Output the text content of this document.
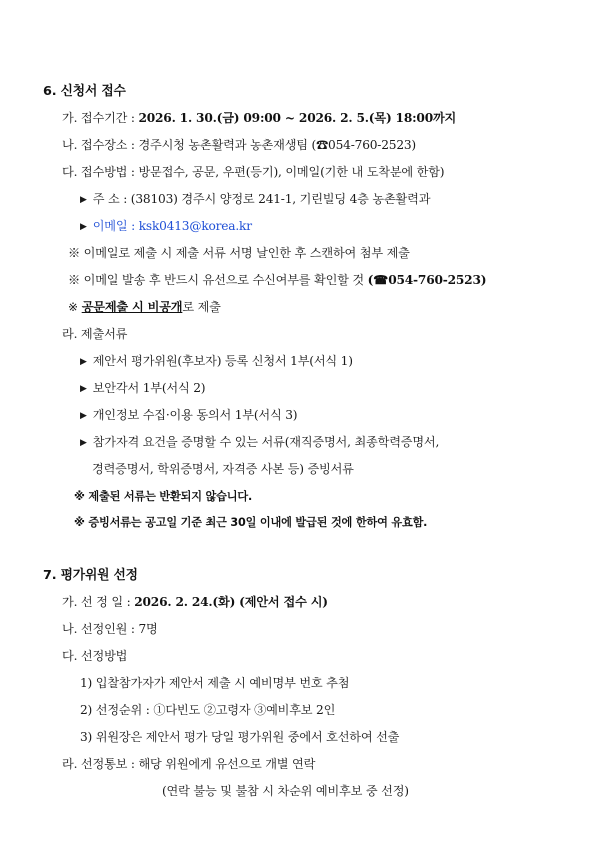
6. 신청서 접수
가. 접수기간 : 2026. 1. 30.(금) 09:00 ~ 2026. 2. 5.(목) 18:00까지
나. 접수장소 : 경주시청 농촌활력과 농촌재생팀 (☎054-760-2523)
다. 접수방법 : 방문접수, 공문, 우편(등기), 이메일(기한 내 도착분에 한함)
▶ 주 소 : (38103) 경주시 양정로 241-1, 기린빌딩 4층 농촌활력과
▶ 이메일 : ksk0413@korea.kr
※ 이메일로 제출 시 제출 서류 서명 날인한 후 스캔하여 첨부 제출
※ 이메일 발송 후 반드시 유선으로 수신여부를 확인할 것 (☎054-760-2523)
※ 공문제출 시 비공개로 제출
라. 제출서류
▶ 제안서 평가위원(후보자) 등록 신청서 1부(서식 1)
▶ 보안각서 1부(서식 2)
▶ 개인정보 수집·이용 동의서 1부(서식 3)
▶ 참가자격 요건을 증명할 수 있는 서류(재직증명서, 최종학력증명서,
경력증명서, 학위증명서, 자격증 사본 등) 증빙서류
※ 제출된 서류는 반환되지 않습니다.
※ 증빙서류는 공고일 기준 최근 30일 이내에 발급된 것에 한하여 유효함.
7. 평가위원 선정
가. 선 정 일 : 2026. 2. 24.(화) (제안서 접수 시)
나. 선정인원 : 7명
다. 선정방법
1) 입찰참가자가 제안서 제출 시 예비명부 번호 추첨
2) 선정순위 : ①다빈도 ②고령자 ③예비후보 2인
3) 위원장은 제안서 평가 당일 평가위원 중에서 호선하여 선출
라. 선정통보 : 해당 위원에게 유선으로 개별 연락
(연락 불능 및 불참 시 차순위 예비후보 중 선정)
